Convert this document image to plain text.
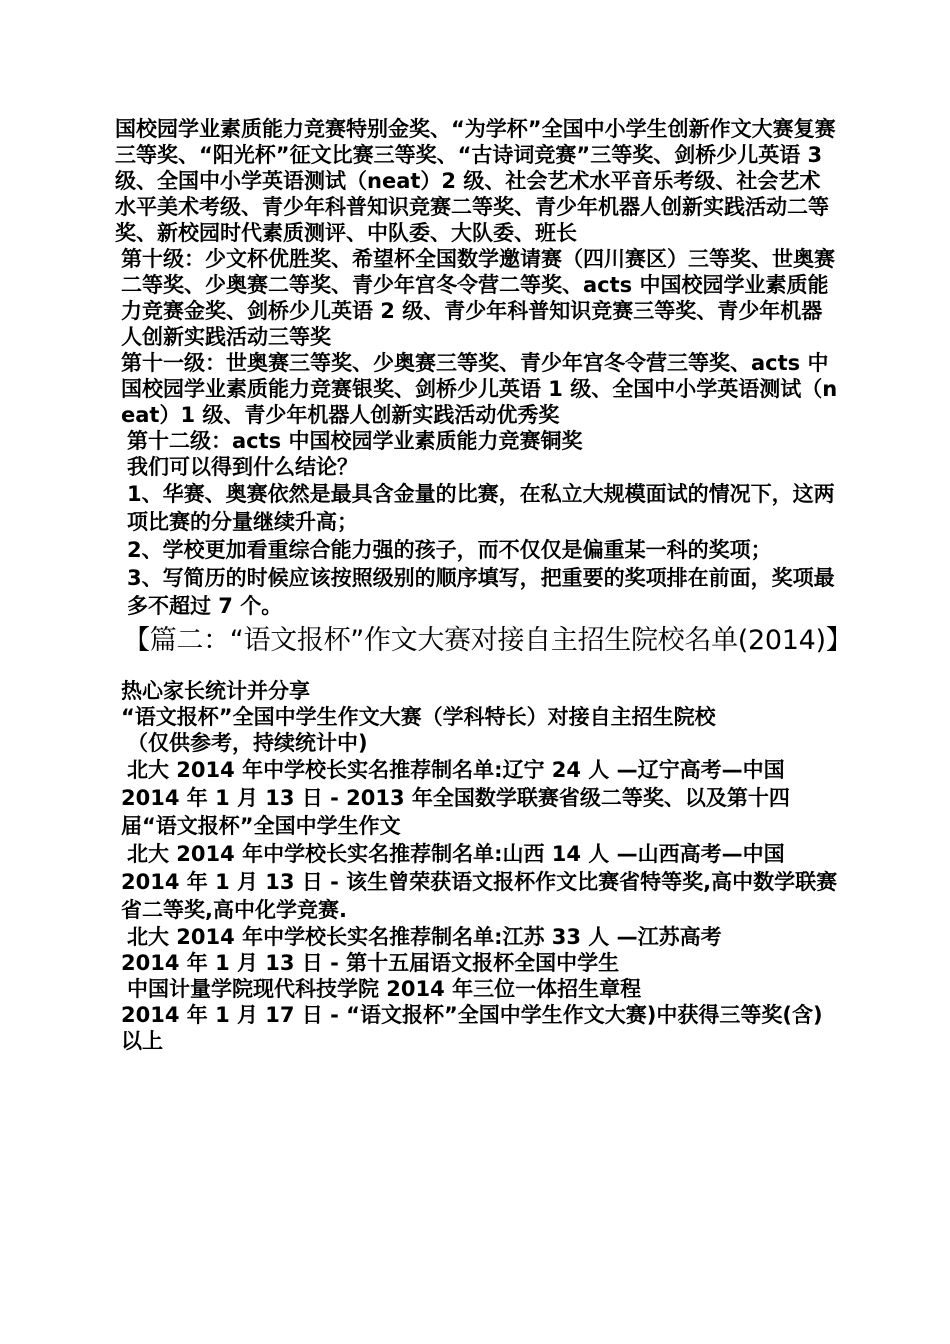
国校园学业素质能力竞赛特别金奖、“为学杯”全国中小学生创新作文大赛复赛三等奖、“阳光杯”征文比赛三等奖、“古诗词竞赛”三等奖、剑桥少儿英语 3 级、全国中小学英语测试（neat）2 级、社会艺术水平音乐考级、社会艺术水平美术考级、青少年科普知识竞赛二等奖、青少年机器人创新实践活动二等奖、新校园时代素质测评、中队委、大队委、班长

第十级：少文杯优胜奖、希望杯全国数学邀请赛（四川赛区）三等奖、世奥赛二等奖、少奥赛二等奖、青少年宫冬令营二等奖、acts 中国校园学业素质能力竞赛金奖、剑桥少儿英语 2 级、青少年科普知识竞赛三等奖、青少年机器人创新实践活动三等奖

第十一级：世奥赛三等奖、少奥赛三等奖、青少年宫冬令营三等奖、acts 中国校园学业素质能力竞赛银奖、剑桥少儿英语 1 级、全国中小学英语测试（neat）1 级、青少年机器人创新实践活动优秀奖

第十二级：acts 中国校园学业素质能力竞赛铜奖

我们可以得到什么结论？

1、华赛、奥赛依然是最具含金量的比赛，在私立大规模面试的情况下，这两项比赛的分量继续升高；

2、学校更加看重综合能力强的孩子，而不仅仅是偏重某一科的奖项；

3、写简历的时候应该按照级别的顺序填写，把重要的奖项排在前面，奖项最多不超过 7 个。

【篇二：“语文报杯”作文大赛对接自主招生院校名单(2014)】

热心家长统计并分享

“语文报杯”全国中学生作文大赛（学科特长）对接自主招生院校

（仅供参考，持续统计中)

北大 2014 年中学校长实名推荐制名单:辽宁 24 人 —辽宁高考—中国

2014 年 1 月 13 日 - 2013 年全国数学联赛省级二等奖、以及第十四届“语文报杯”全国中学生作文

北大 2014 年中学校长实名推荐制名单:山西 14 人 —山西高考—中国

2014 年 1 月 13 日 - 该生曾荣获语文报杯作文比赛省特等奖,高中数学联赛省二等奖,高中化学竞赛.

北大 2014 年中学校长实名推荐制名单:江苏 33 人 —江苏高考

2014 年 1 月 13 日 - 第十五届语文报杯全国中学生

中国计量学院现代科技学院 2014 年三位一体招生章程

2014 年 1 月 17 日 - “语文报杯”全国中学生作文大赛)中获得三等奖(含)以上
